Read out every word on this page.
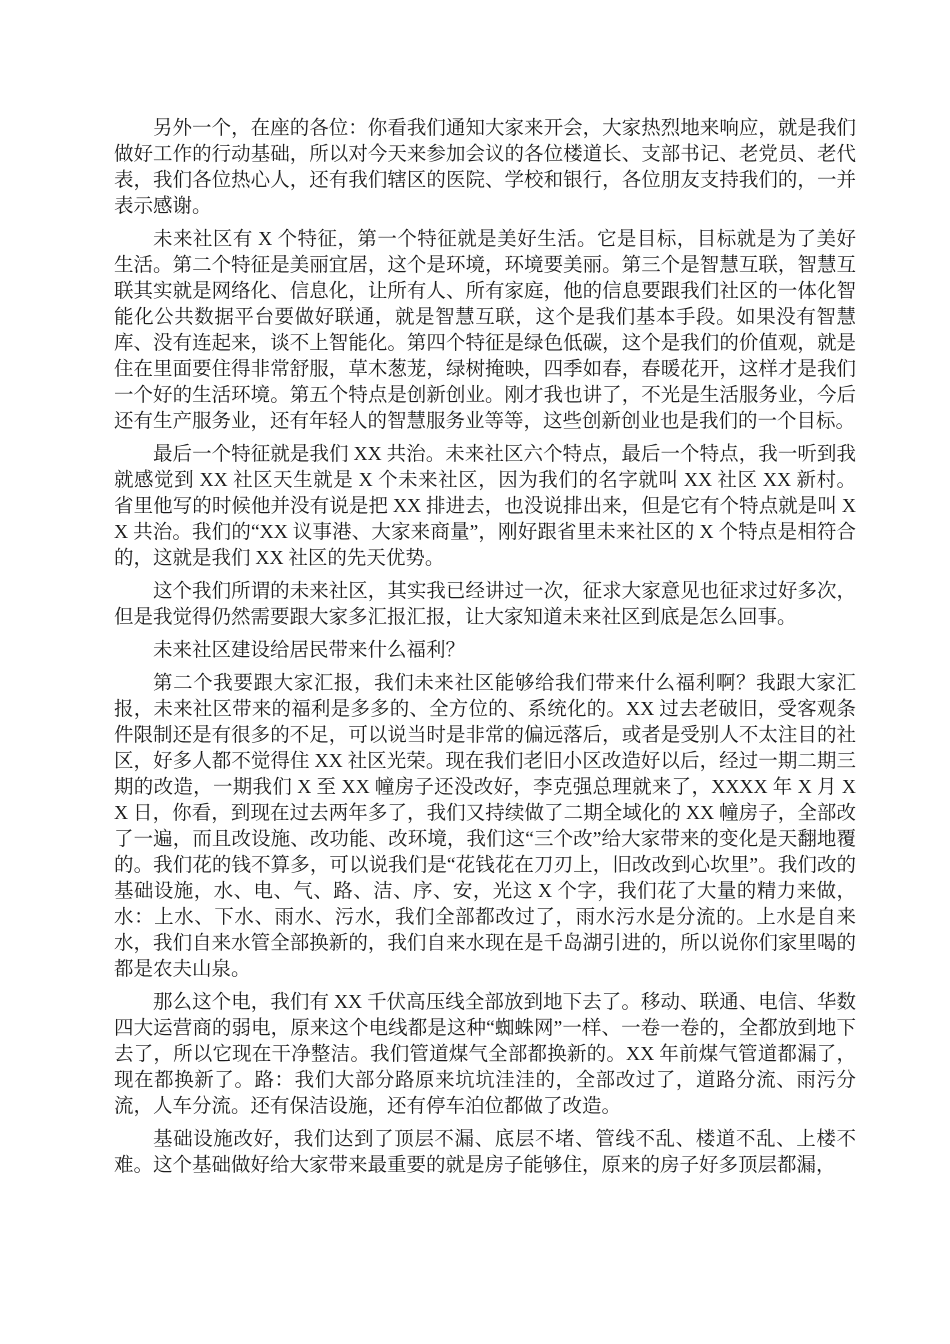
另外一个，在座的各位：你看我们通知大家来开会，大家热烈地来响应，就是我们做好工作的行动基础，所以对今天来参加会议的各位楼道长、支部书记、老党员、老代表，我们各位热心人，还有我们辖区的医院、学校和银行，各位朋友支持我们的，一并表示感谢。

未来社区有 X 个特征，第一个特征就是美好生活。它是目标，目标就是为了美好生活。第二个特征是美丽宜居，这个是环境，环境要美丽。第三个是智慧互联，智慧互联其实就是网络化、信息化，让所有人、所有家庭，他的信息要跟我们社区的一体化智能化公共数据平台要做好联通，就是智慧互联，这个是我们基本手段。如果没有智慧库、没有连起来，谈不上智能化。第四个特征是绿色低碳，这个是我们的价值观，就是住在里面要住得非常舒服，草木葱茏，绿树掩映，四季如春，春暖花开，这样才是我们一个好的生活环境。第五个特点是创新创业。刚才我也讲了，不光是生活服务业，今后还有生产服务业，还有年轻人的智慧服务业等等，这些创新创业也是我们的一个目标。

最后一个特征就是我们 XX 共治。未来社区六个特点，最后一个特点，我一听到我就感觉到 XX 社区天生就是 X 个未来社区，因为我们的名字就叫 XX 社区 XX 新村。省里他写的时候他并没有说是把 XX 排进去，也没说排出来，但是它有个特点就是叫 XX 共治。我们的“XX 议事港、大家来商量”，刚好跟省里未来社区的 X 个特点是相符合的，这就是我们 XX 社区的先天优势。

这个我们所谓的未来社区，其实我已经讲过一次，征求大家意见也征求过好多次，但是我觉得仍然需要跟大家多汇报汇报，让大家知道未来社区到底是怎么回事。

未来社区建设给居民带来什么福利？

第二个我要跟大家汇报，我们未来社区能够给我们带来什么福利啊？我跟大家汇报，未来社区带来的福利是多多的、全方位的、系统化的。XX 过去老破旧，受客观条件限制还是有很多的不足，可以说当时是非常的偏远落后，或者是受别人不太注目的社区，好多人都不觉得住 XX 社区光荣。现在我们老旧小区改造好以后，经过一期二期三期的改造，一期我们 X 至 XX 幢房子还没改好，李克强总理就来了，XXXX 年 X 月 XX 日，你看，到现在过去两年多了，我们又持续做了二期全域化的 XX 幢房子，全部改了一遍，而且改设施、改功能、改环境，我们这“三个改”给大家带来的变化是天翻地覆的。我们花的钱不算多，可以说我们是“花钱花在刀刃上，旧改改到心坎里”。我们改的基础设施，水、电、气、路、洁、序、安，光这 X 个字，我们花了大量的精力来做，水：上水、下水、雨水、污水，我们全部都改过了，雨水污水是分流的。上水是自来水，我们自来水管全部换新的，我们自来水现在是千岛湖引进的，所以说你们家里喝的都是农夫山泉。

那么这个电，我们有 XX 千伏高压线全部放到地下去了。移动、联通、电信、华数四大运营商的弱电，原来这个电线都是这种“蜘蛛网”一样、一卷一卷的，全都放到地下去了，所以它现在干净整洁。我们管道煤气全部都换新的。XX 年前煤气管道都漏了，现在都换新了。路：我们大部分路原来坑坑洼洼的，全部改过了，道路分流、雨污分流，人车分流。还有保洁设施，还有停车泊位都做了改造。

基础设施改好，我们达到了顶层不漏、底层不堵、管线不乱、楼道不乱、上楼不难。这个基础做好给大家带来最重要的就是房子能够住，原来的房子好多顶层都漏，
